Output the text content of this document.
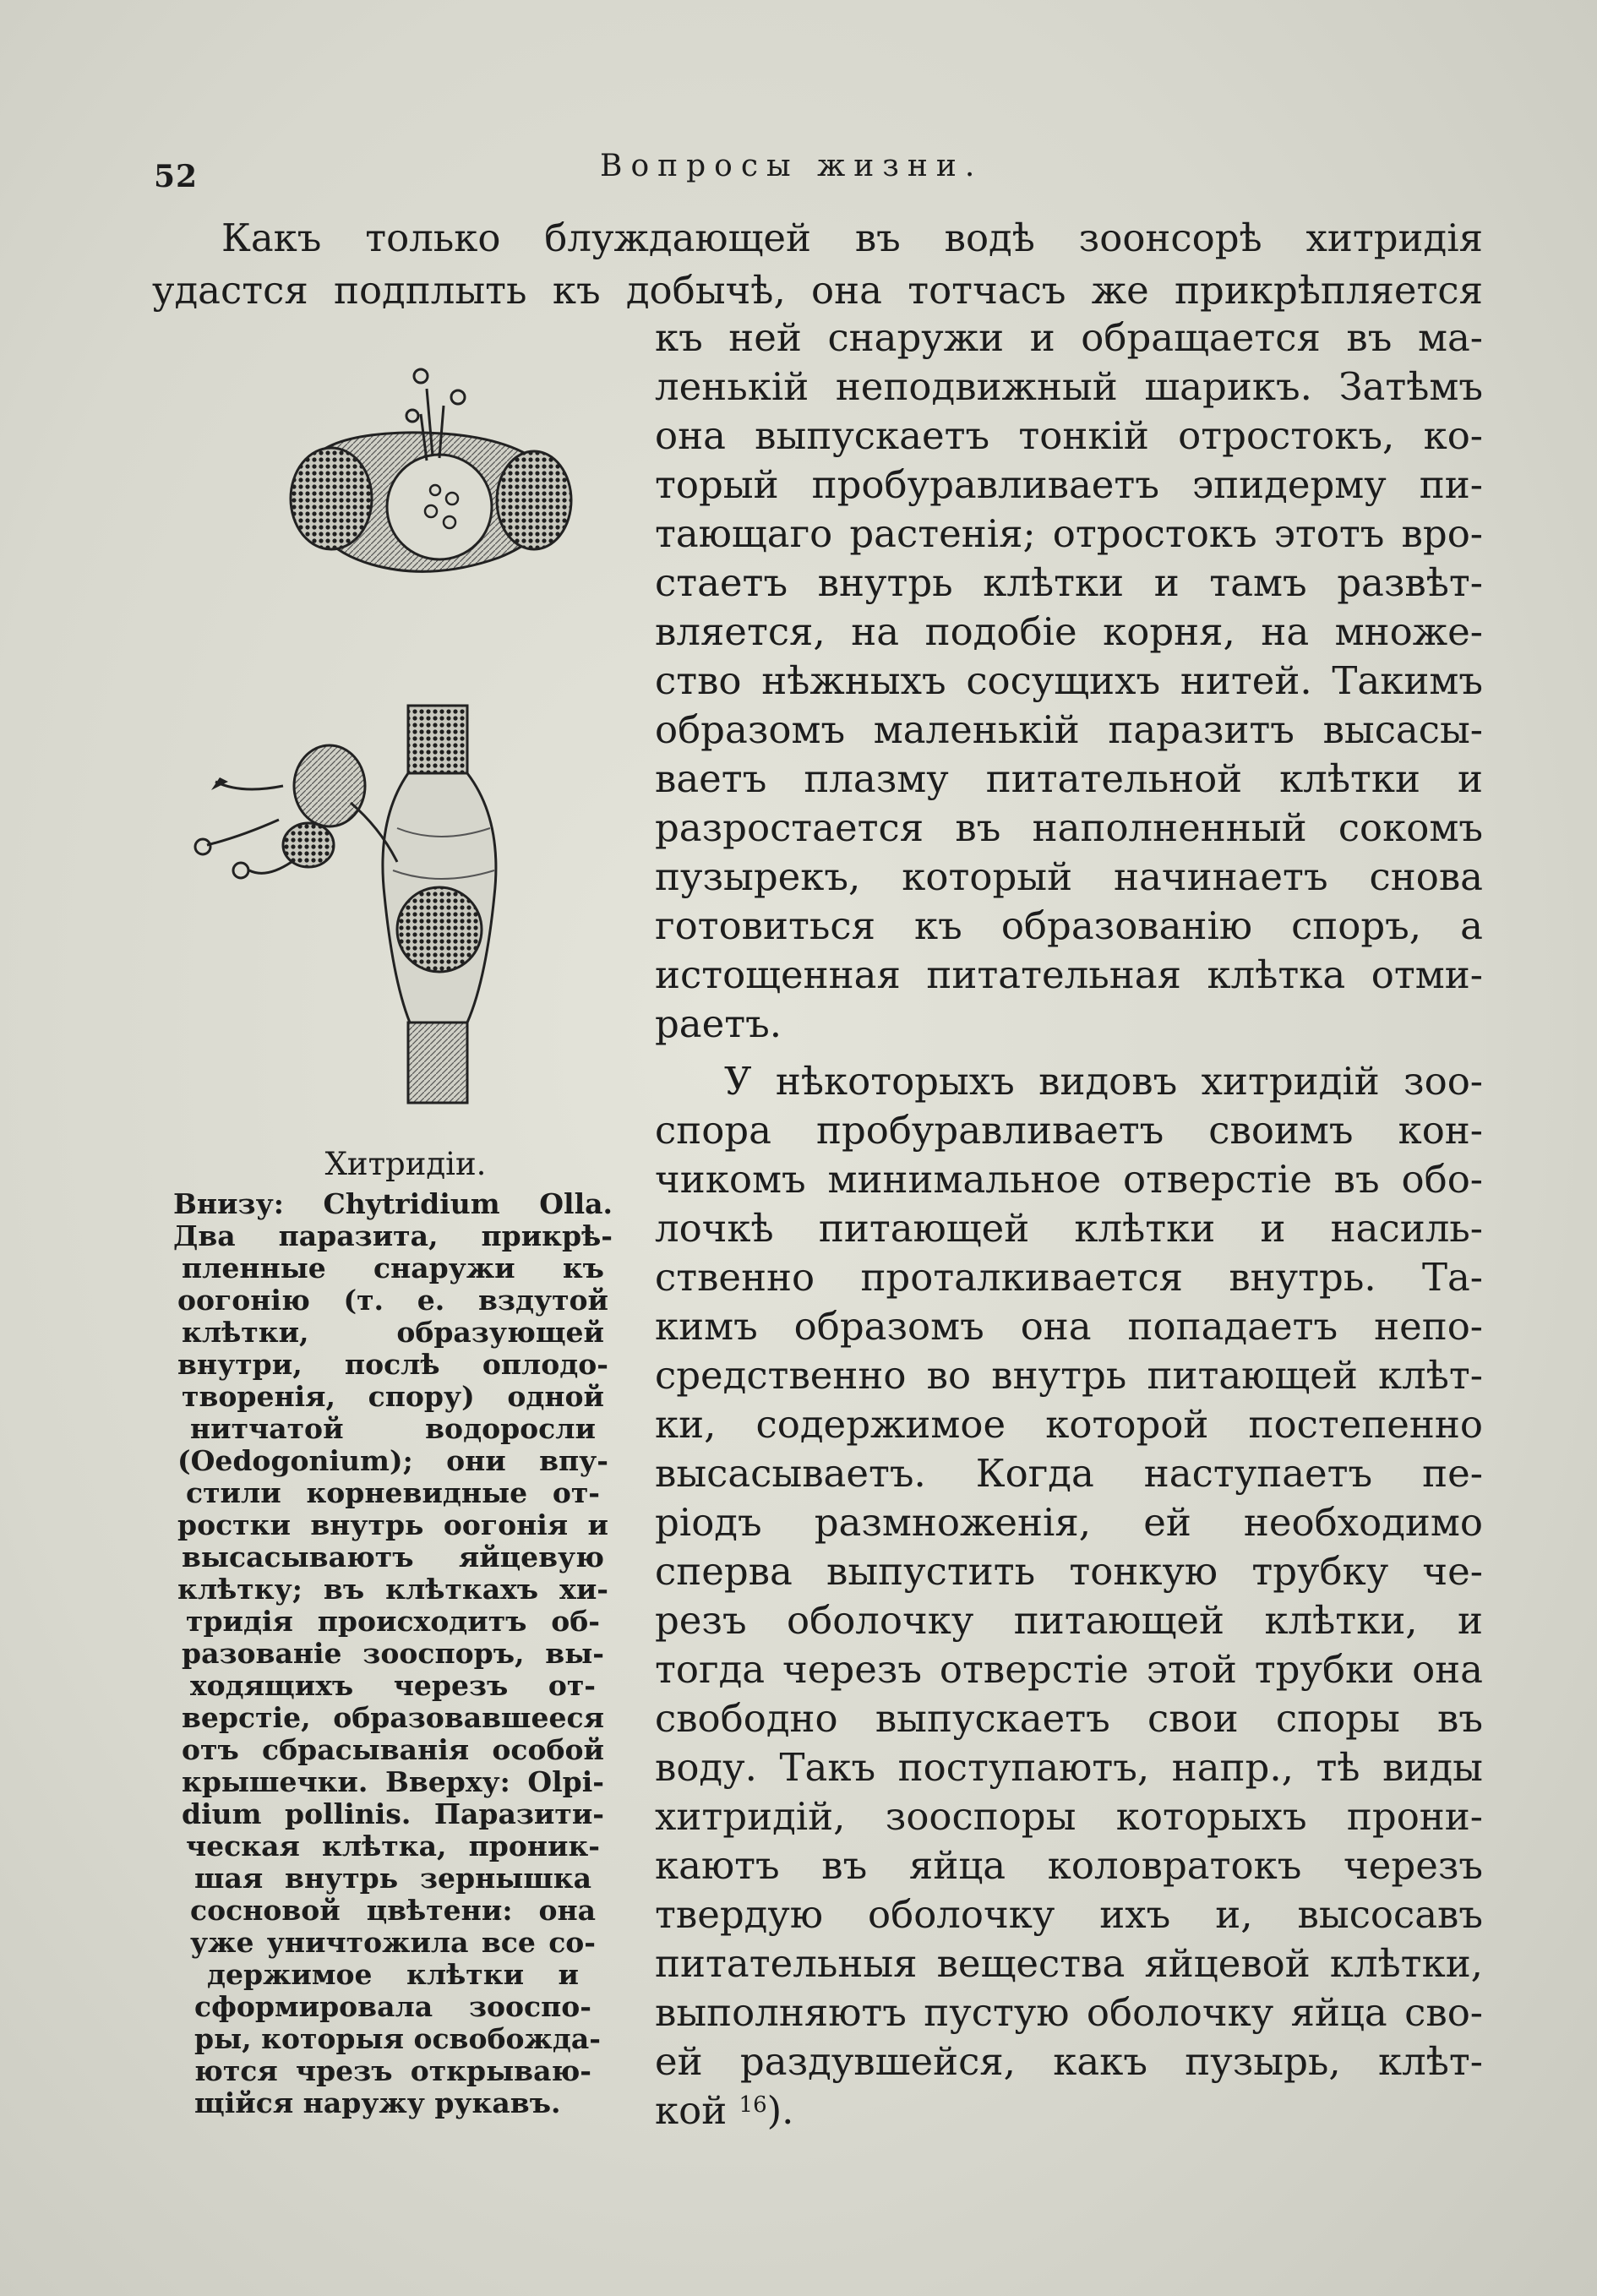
52	Вопросы жизни.
Какъ только блуждающей въ водѣ зоонсорѣ хитридія
удастся подплыть къ добычѣ, она тотчасъ же прикрѣпляется
къ ней снаружи и обращается въ ма-
ленькій неподвижный шарикъ. Затѣмъ
она выпускаетъ тонкій отростокъ, ко-
торый пробуравливаетъ эпидерму пи-
тающаго растенія; отростокъ этотъ вро-
стаетъ внутрь клѣтки и тамъ развѣт-
вляется, на подобіе корня, на множе-
ство нѣжныхъ сосущихъ нитей. Такимъ
образомъ маленькій паразитъ высасы-
ваетъ плазму питательной клѣтки и
разростается въ наполненный сокомъ
пузырекъ, который начинаетъ снова
готовиться къ образованію споръ, а
истощенная питательная клѣтка отми-
раетъ.
У нѣкоторыхъ видовъ хитридій зоо-
спора пробуравливаетъ своимъ кон-
чикомъ минимальное отверстіе въ обо-
лочкѣ питающей клѣтки и насиль-
ственно проталкивается внутрь. Та-
кимъ образомъ она попадаетъ непо-
средственно во внутрь питающей клѣт-
ки, содержимое которой постепенно
высасываетъ. Когда наступаетъ пе-
ріодъ размноженія, ей необходимо
сперва выпустить тонкую трубку че-
резъ оболочку питающей клѣтки, и
тогда черезъ отверстіе этой трубки она
свободно выпускаетъ свои споры въ
воду. Такъ поступаютъ, напр., тѣ виды
хитридій, зооспоры которыхъ прони-
каютъ въ яйца коловратокъ черезъ
твердую оболочку ихъ и, высосавъ
питательныя вещества яйцевой клѣтки,
выполняютъ пустую оболочку яйца сво-
ей раздувшейся, какъ пузырь, клѣт-
кой $^{16}$).
Хитридіи.
Внизу: Chytridium Olla.
Два паразита, прикрѣ-
пленные снаружи къ
оогонію (т. е. вздутой
клѣтки, образующей
внутри, послѣ оплодо-
творенія, спору) одной
нитчатой водоросли
(Oedogonium); они впу-
стили корневидные от-
ростки внутрь оогонія и
высасываютъ яйцевую
клѣтку; въ клѣткахъ хи-
тридія происходитъ об-
разованіе зооспоръ, вы-
ходящихъ черезъ от-
верстіе, образовавшееся
отъ сбрасыванія особой
крышечки. Вверху: Olpi-
dium pollinis. Паразити-
ческая клѣтка, проник-
шая внутрь зернышка
сосновой цвѣтени: она
уже уничтожила все со-
держимое клѣтки и
сформировала зооспо-
ры, которыя освобожда-
ются чрезъ открываю-
щійся наружу рукавъ.
